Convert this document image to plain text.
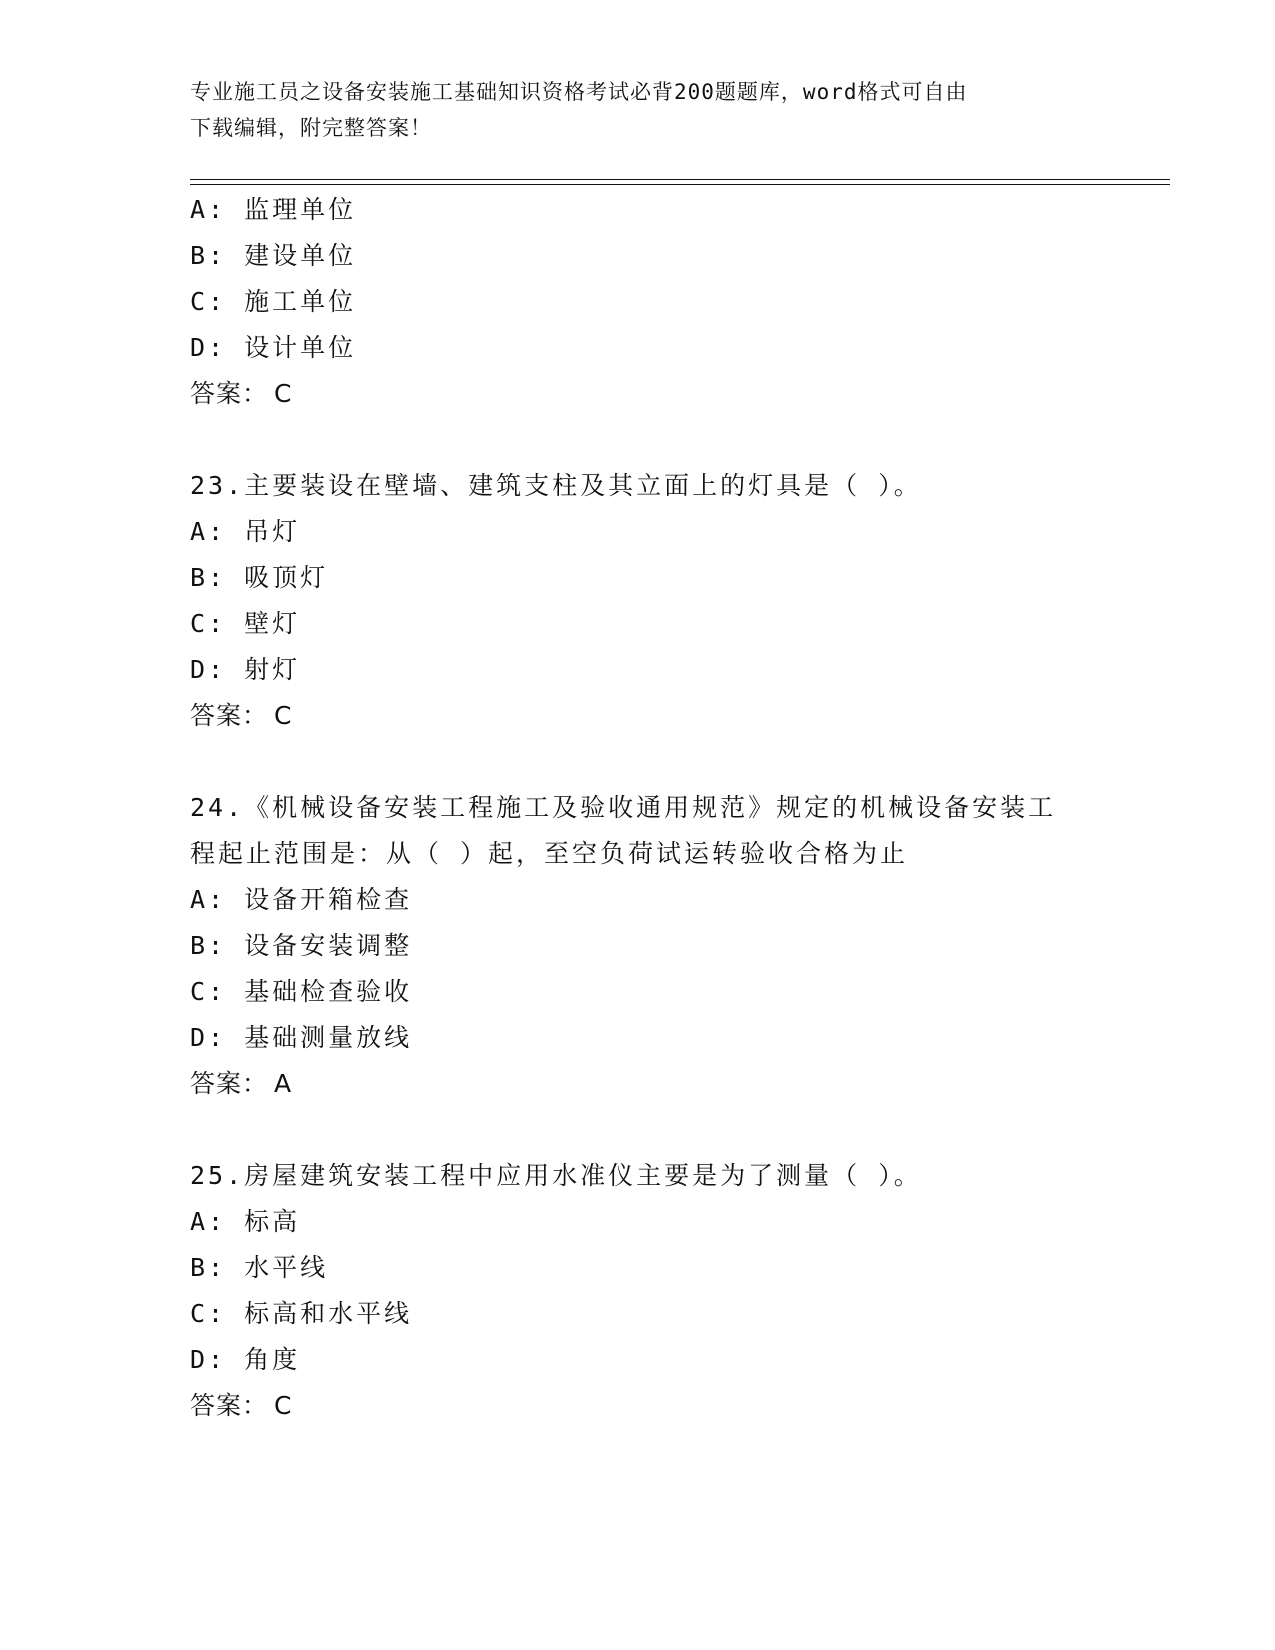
专业施工员之设备安装施工基础知识资格考试必背200题题库，word格式可自由
下载编辑，附完整答案！
A: 监理单位
B: 建设单位
C: 施工单位
D: 设计单位
答案： C
23.主要装设在壁墙、建筑支柱及其立面上的灯具是（ ）。
A: 吊灯
B: 吸顶灯
C: 壁灯
D: 射灯
答案： C
24.《机械设备安装工程施工及验收通用规范》规定的机械设备安装工
程起止范围是：从（ ）起，至空负荷试运转验收合格为止
A: 设备开箱检查
B: 设备安装调整
C: 基础检查验收
D: 基础测量放线
答案： A
25.房屋建筑安装工程中应用水准仪主要是为了测量（ ）。
A: 标高
B: 水平线
C: 标高和水平线
D: 角度
答案： C
